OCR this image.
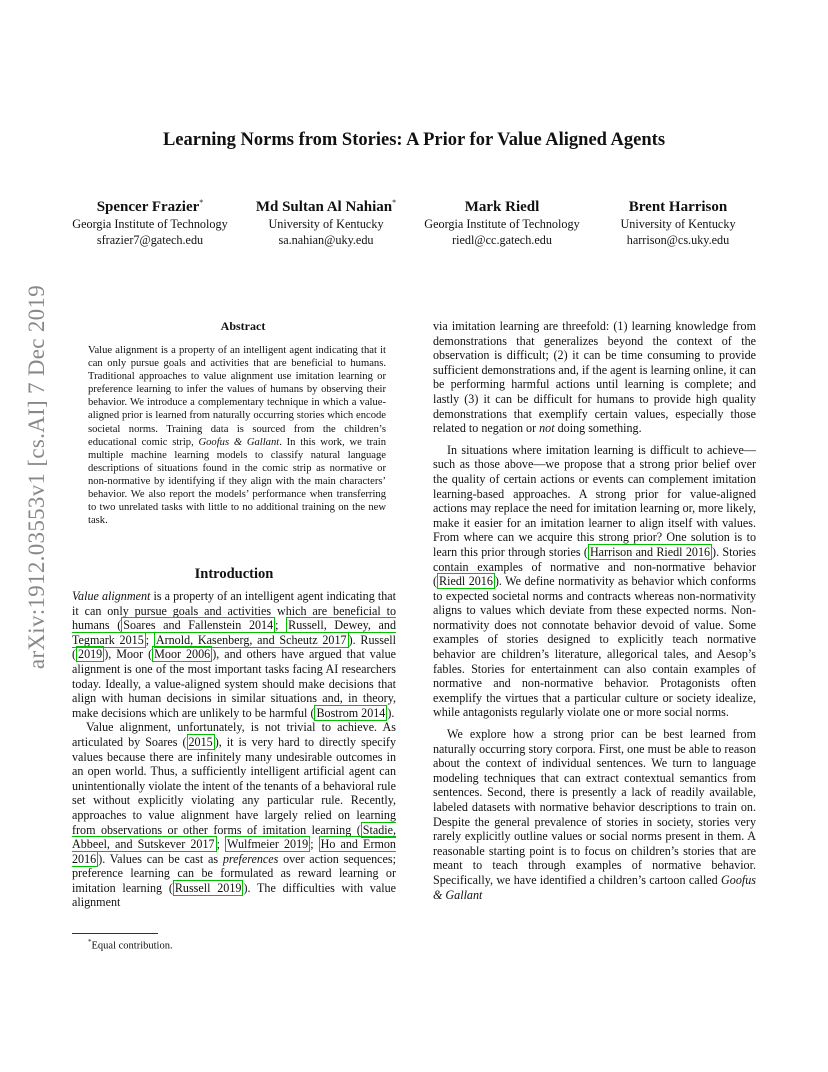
Learning Norms from Stories: A Prior for Value Aligned Agents
Spencer Frazier*
Georgia Institute of Technology
sfrazier7@gatech.edu
Md Sultan Al Nahian*
University of Kentucky
sa.nahian@uky.edu
Mark Riedl
Georgia Institute of Technology
riedl@cc.gatech.edu
Brent Harrison
University of Kentucky
harrison@cs.uky.edu
arXiv:1912.03553v1 [cs.AI] 7 Dec 2019	Abstract

Value alignment is a property of an intelligent agent indicating that it can only pursue goals and activities that are beneficial to humans. Traditional approaches to value alignment use imitation learning or preference learning to infer the values of humans by observing their behavior. We introduce a complementary technique in which a value-aligned prior is learned from naturally occurring stories which encode societal norms. Training data is sourced from the children’s educational comic strip, Goofus & Gallant. In this work, we train multiple machine learning models to classify natural language descriptions of situations found in the comic strip as normative or non-normative by identifying if they align with the main characters’ behavior. We also report the models’ performance when transferring to two unrelated tasks with little to no additional training on the new task.

Introduction

Value alignment is a property of an intelligent agent indicating that it can only pursue goals and activities which are beneficial to humans ( Soares and Fallenstein 2014 ; Russell, Dewey, and Tegmark 2015 ; Arnold, Kasenberg, and Scheutz 2017 ). Russell ( 2019 ), Moor ( Moor 2006 ), and others have argued that value alignment is one of the most important tasks facing AI researchers today. Ideally, a value-aligned system should make decisions that align with human decisions in similar situations and, in theory, make decisions which are unlikely to be harmful ( Bostrom 2014 ).

Value alignment, unfortunately, is not trivial to achieve. As articulated by Soares ( 2015 ), it is very hard to directly specify values because there are infinitely many undesirable outcomes in an open world. Thus, a sufficiently intelligent artificial agent can unintentionally violate the intent of the tenants of a behavioral rule set without explicitly violating any particular rule. Recently, approaches to value alignment have largely relied on learning from observations or other forms of imitation learning ( Stadie, Abbeel, and Sutskever 2017 ; Wulfmeier 2019 ; Ho and Ermon 2016 ). Values can be cast as preferences over action sequences; preference learning can be formulated as reward learning or imitation learning ( Russell 2019 ). The difficulties with value alignment

via imitation learning are threefold: (1) learning knowledge from demonstrations that generalizes beyond the context of the observation is difficult; (2) it can be time consuming to provide sufficient demonstrations and, if the agent is learning online, it can be performing harmful actions until learning is complete; and lastly (3) it can be difficult for humans to provide high quality demonstrations that exemplify certain values, especially those related to negation or not doing something.

In situations where imitation learning is difficult to achieve—such as those above—we propose that a strong prior belief over the quality of certain actions or events can complement imitation learning-based approaches. A strong prior for value-aligned actions may replace the need for imitation learning or, more likely, make it easier for an imitation learner to align itself with values. From where can we acquire this strong prior? One solution is to learn this prior through stories ( Harrison and Riedl 2016 ). Stories contain examples of normative and non-normative behavior ( Riedl 2016 ). We define normativity as behavior which conforms to expected societal norms and contracts whereas non-normativity aligns to values which deviate from these expected norms. Non-normativity does not connotate behavior devoid of value. Some examples of stories designed to explicitly teach normative behavior are children’s literature, allegorical tales, and Aesop’s fables. Stories for entertainment can also contain examples of normative and non-normative behavior. Protagonists often exemplify the virtues that a particular culture or society idealize, while antagonists regularly violate one or more social norms.

We explore how a strong prior can be best learned from naturally occurring story corpora. First, one must be able to reason about the context of individual sentences. We turn to language modeling techniques that can extract contextual semantics from sentences. Second, there is presently a lack of readily available, labeled datasets with normative behavior descriptions to train on. Despite the general prevalence of stories in society, stories very rarely explicitly outline values or social norms present in them. A reasonable starting point is to focus on children’s stories that are meant to teach through examples of normative behavior. Specifically, we have identified a children’s cartoon called Goofus & Gallant

*Equal contribution.
